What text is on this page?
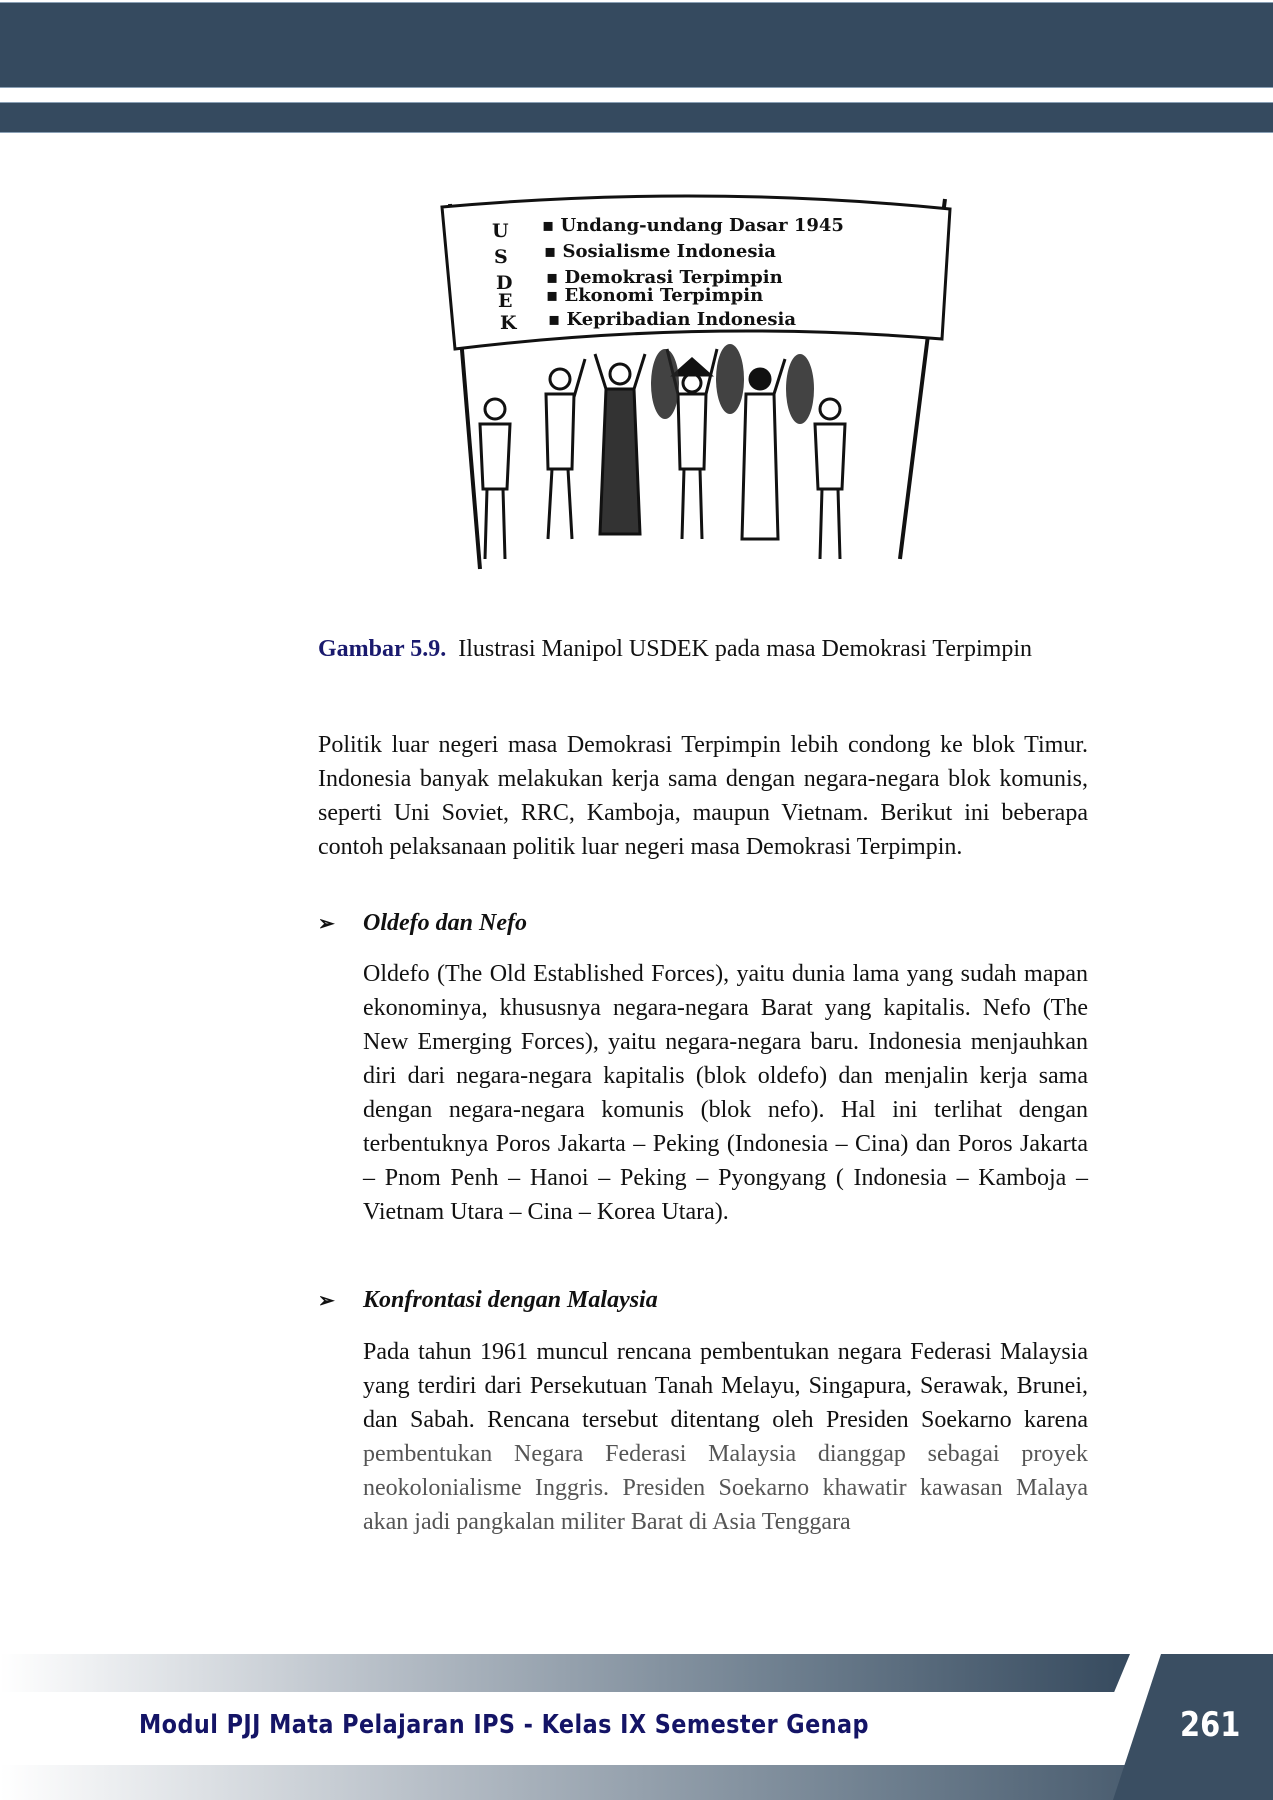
U
S
D
E
K
▪ Undang-undang Dasar 1945
▪ Sosialisme Indonesia
▪ Demokrasi Terpimpin
▪ Ekonomi Terpimpin
▪ Kepribadian Indonesia
Gambar 5.9. Ilustrasi Manipol USDEK pada masa Demokrasi Terpimpin
Politik luar negeri masa Demokrasi Terpimpin lebih condong ke blok Timur. Indonesia banyak melakukan kerja sama dengan negara-negara blok komunis, seperti Uni Soviet, RRC, Kamboja, maupun Vietnam. Berikut ini beberapa contoh pelaksanaan politik luar negeri masa Demokrasi Terpimpin.
➢ Oldefo dan Nefo
Oldefo (The Old Established Forces), yaitu dunia lama yang sudah mapan ekonominya, khususnya negara-negara Barat yang kapitalis. Nefo (The New Emerging Forces), yaitu negara-negara baru. Indonesia menjauhkan diri dari negara-negara kapitalis (blok oldefo) dan menjalin kerja sama dengan negara-negara komunis (blok nefo). Hal ini terlihat dengan terbentuknya Poros Jakarta – Peking (Indonesia – Cina) dan Poros Jakarta – Pnom Penh – Hanoi – Peking – Pyongyang ( Indonesia – Kamboja – Vietnam Utara – Cina – Korea Utara).
➢ Konfrontasi dengan Malaysia
Pada tahun 1961 muncul rencana pembentukan negara Federasi Malaysia yang terdiri dari Persekutuan Tanah Melayu, Singapura, Serawak, Brunei, dan Sabah. Rencana tersebut ditentang oleh Presiden Soekarno karena pembentukan Negara Federasi Malaysia dianggap sebagai proyek neokolonialisme Inggris. Presiden Soekarno khawatir kawasan Malaya akan jadi pangkalan militer Barat di Asia Tenggara
Modul PJJ Mata Pelajaran IPS - Kelas IX Semester Genap	261
